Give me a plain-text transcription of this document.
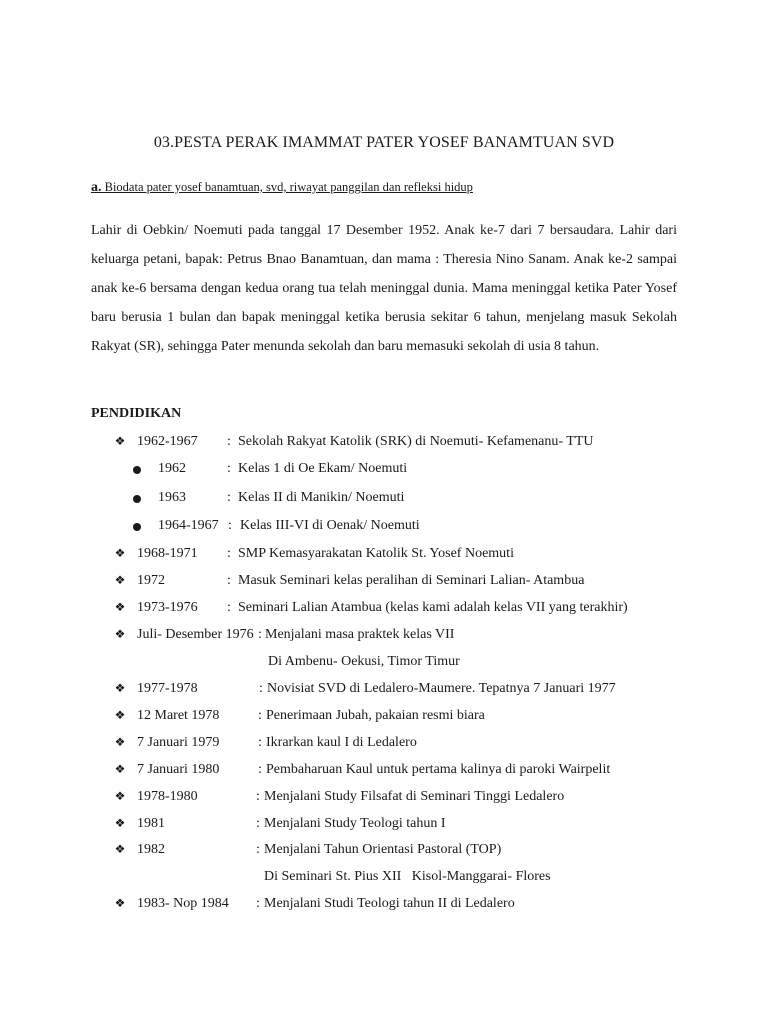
03.PESTA PERAK IMAMMAT PATER YOSEF BANAMTUAN SVD
a. Biodata pater yosef banamtuan, svd, riwayat panggilan dan refleksi hidup
Lahir di Oebkin/ Noemuti pada tanggal 17 Desember 1952. Anak ke-7 dari 7 bersaudara. Lahir dari keluarga petani, bapak: Petrus Bnao Banamtuan, dan mama : Theresia Nino Sanam. Anak ke-2 sampai anak ke-6 bersama dengan kedua orang tua telah meninggal dunia. Mama meninggal ketika Pater Yosef baru berusia 1 bulan dan bapak meninggal ketika berusia sekitar 6 tahun, menjelang masuk Sekolah Rakyat (SR), sehingga Pater menunda sekolah dan baru memasuki sekolah di usia 8 tahun.
PENDIDIKAN
❖ 1962-1967 : Sekolah Rakyat Katolik (SRK) di Noemuti- Kefamenanu- TTU
1962	: Kelas 1 di Oe Ekam/ Noemuti
1963	: Kelas II di Manikin/ Noemuti
1964-1967 : Kelas III-VI di Oenak/ Noemuti
❖ 1968-1971 : SMP Kemasyarakatan Katolik St. Yosef Noemuti
❖ 1972	: Masuk Seminari kelas peralihan di Seminari Lalian- Atambua
❖ 1973-1976 : Seminari Lalian Atambua (kelas kami adalah kelas VII yang terakhir)
❖ Juli- Desember 1976 : Menjalani masa praktek kelas VII
Di Ambenu- Oekusi, Timor Timur
❖ 1977-1978	: Novisiat SVD di Ledalero-Maumere. Tepatnya 7 Januari 1977
❖ 12 Maret 1978	: Penerimaan Jubah, pakaian resmi biara
❖ 7 Januari 1979	: Ikrarkan kaul I di Ledalero
❖ 7 Januari 1980	: Pembaharuan Kaul untuk pertama kalinya di paroki Wairpelit
❖ 1978-1980	: Menjalani Study Filsafat di Seminari Tinggi Ledalero
❖ 1981	: Menjalani Study Teologi tahun I
❖ 1982	: Menjalani Tahun Orientasi Pastoral (TOP)
Di Seminari St. Pius XII   Kisol-Manggarai- Flores
❖ 1983- Nop 1984 : Menjalani Studi Teologi tahun II di Ledalero
